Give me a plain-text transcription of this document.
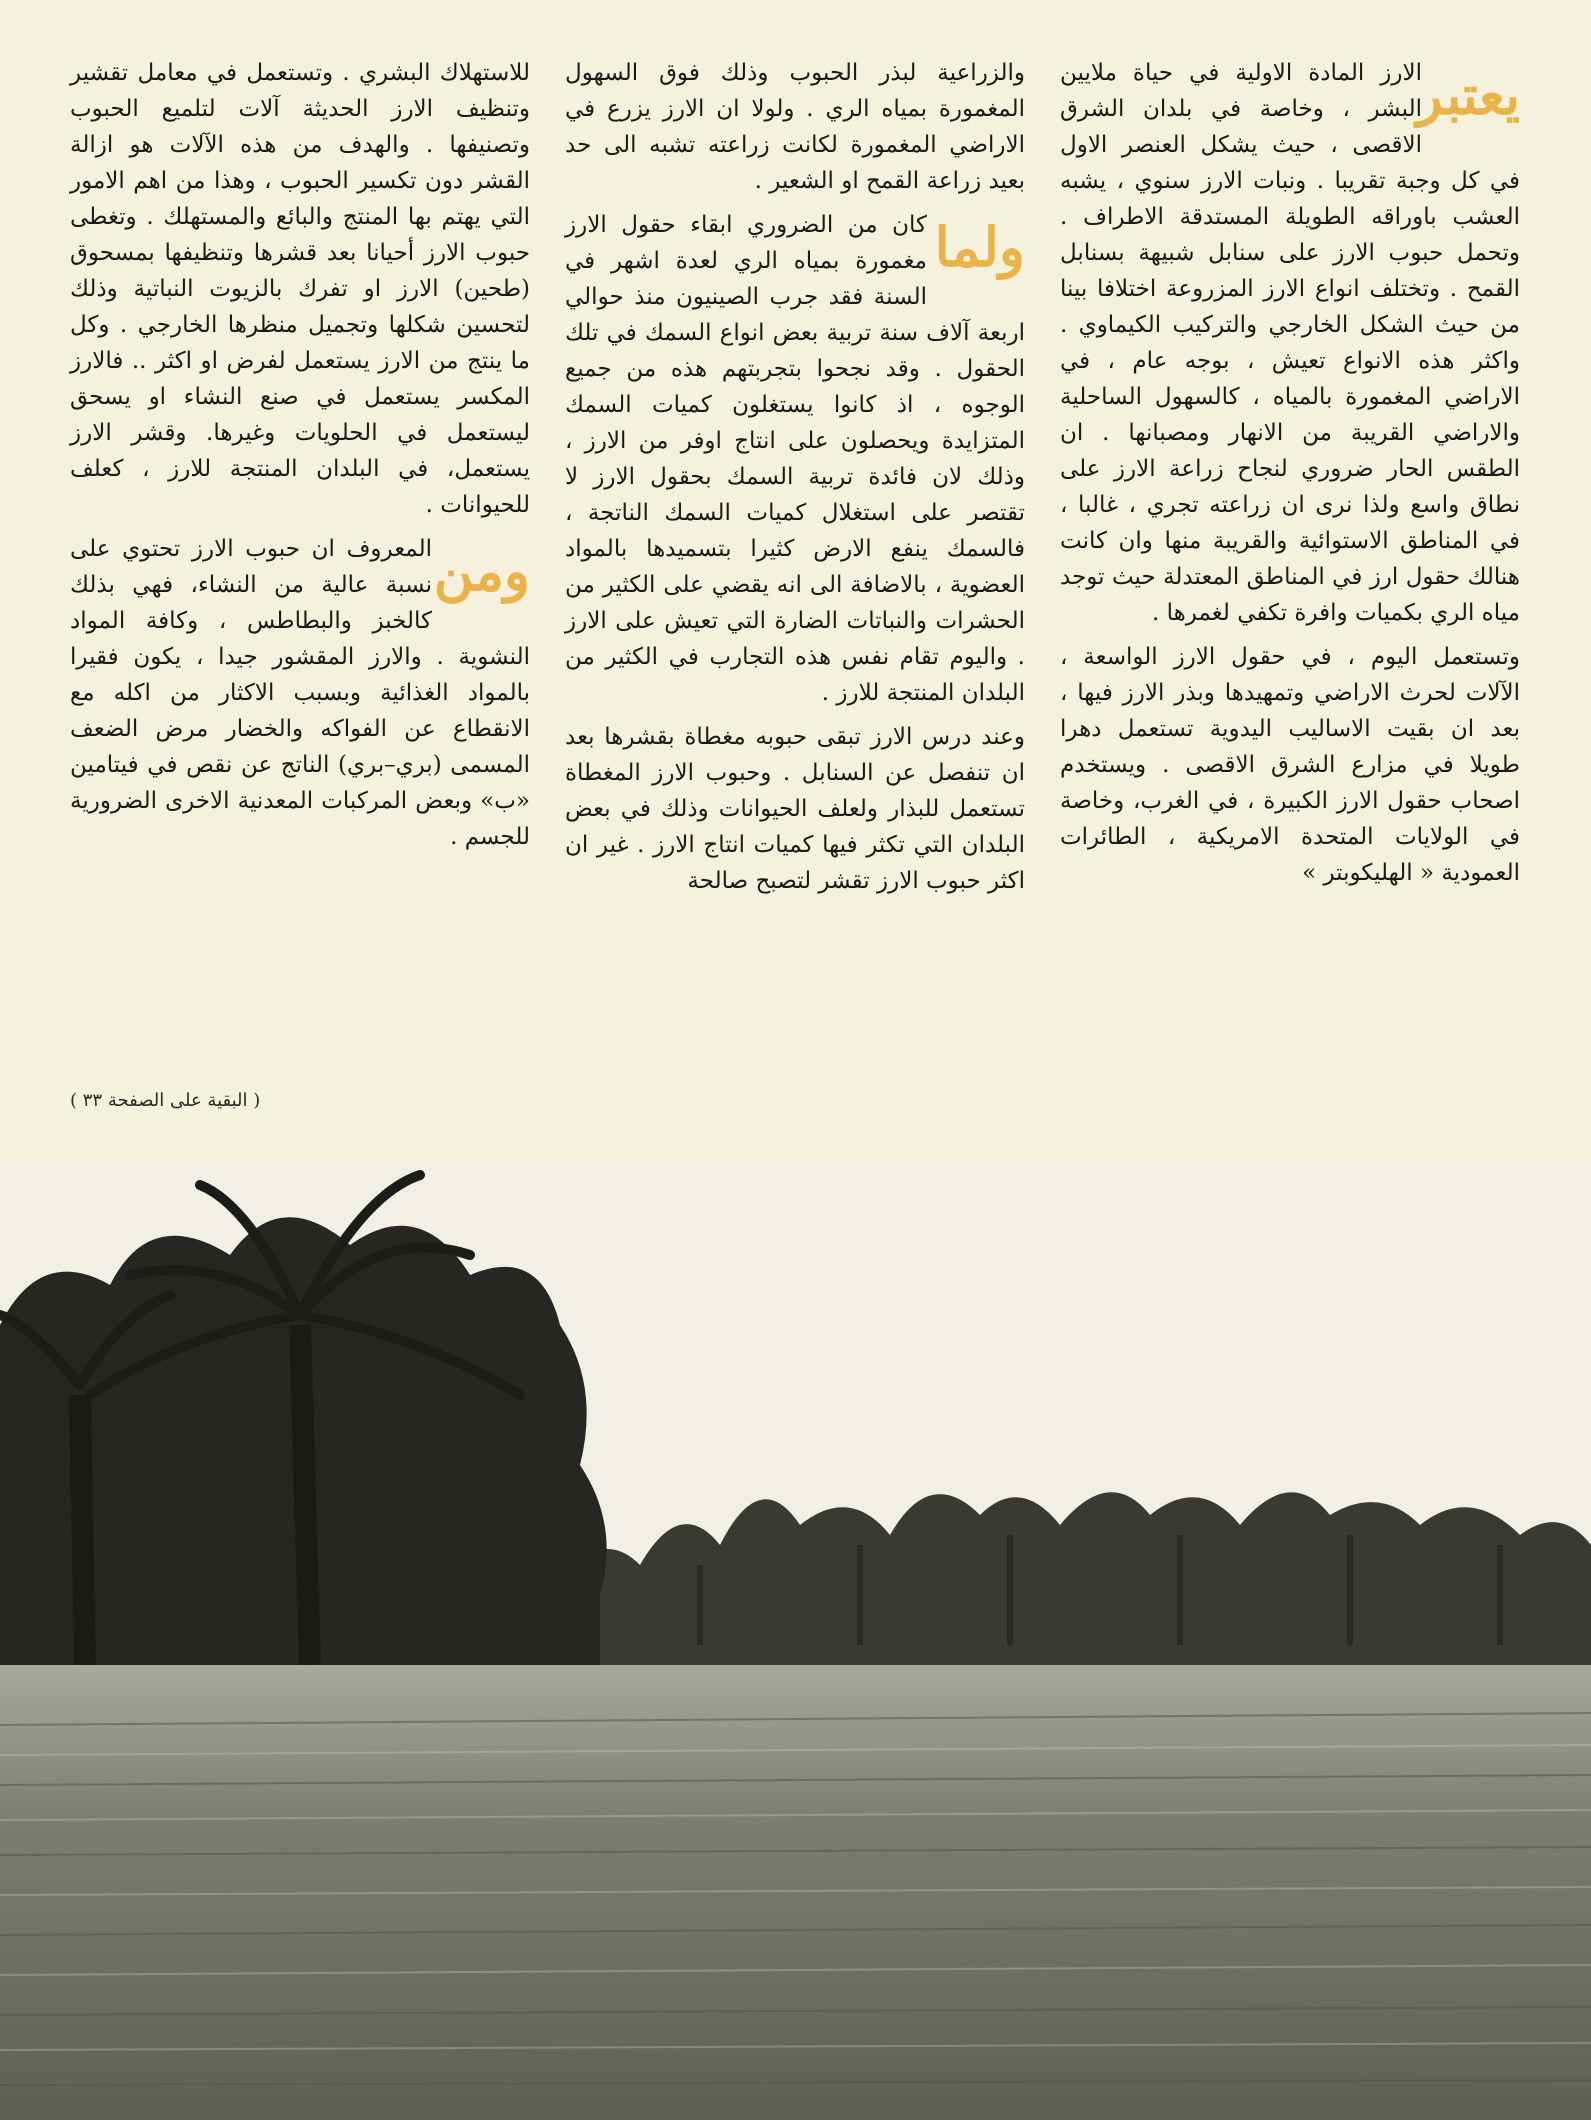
يعتبر

الارز المادة الاولية في حياة ملايين البشر ، وخاصة في بلدان الشرق الاقصى ، حيث يشكل العنصر الاول في كل وجبة تقريبا . ونبات الارز سنوي ، يشبه العشب باوراقه الطويلة المستدقة الاطراف . وتحمل حبوب الارز على سنابل شبيهة بسنابل القمح . وتختلف انواع الارز المزروعة اختلافا بينا من حيث الشكل الخارجي والتركيب الكيماوي . واكثر هذه الانواع تعيش ، بوجه عام ، في الاراضي المغمورة بالمياه ، كالسهول الساحلية والاراضي القريبة من الانهار ومصبانها . ان الطقس الحار ضروري لنجاح زراعة الارز على نطاق واسع ولذا نرى ان زراعته تجري ، غالبا ، في المناطق الاستوائية والقريبة منها وان كانت هنالك حقول ارز في المناطق المعتدلة حيث توجد مياه الري بكميات وافرة تكفي لغمرها .

وتستعمل اليوم ، في حقول الارز الواسعة ، الآلات لحرث الاراضي وتمهيدها وبذر الارز فيها ، بعد ان بقيت الاساليب اليدوية تستعمل دهرا طويلا في مزارع الشرق الاقصى . ويستخدم اصحاب حقول الارز الكبيرة ، في الغرب، وخاصة في الولايات المتحدة الامريكية ، الطائرات العمودية « الهليكوبتر »

والزراعية لبذر الحبوب وذلك فوق السهول المغمورة بمياه الري . ولولا ان الارز يزرع في الاراضي المغمورة لكانت زراعته تشبه الى حد بعيد زراعة القمح او الشعير .

ولما

كان من الضروري ابقاء حقول الارز مغمورة بمياه الري لعدة اشهر في السنة فقد جرب الصينيون منذ حوالي اربعة آلاف سنة تربية بعض انواع السمك في تلك الحقول . وقد نجحوا بتجربتهم هذه من جميع الوجوه ، اذ كانوا يستغلون كميات السمك المتزايدة ويحصلون على انتاج اوفر من الارز ، وذلك لان فائدة تربية السمك بحقول الارز لا تقتصر على استغلال كميات السمك الناتجة ، فالسمك ينفع الارض كثيرا بتسميدها بالمواد العضوية ، بالاضافة الى انه يقضي على الكثير من الحشرات والنباتات الضارة التي تعيش على الارز . واليوم تقام نفس هذه التجارب في الكثير من البلدان المنتجة للارز .

وعند درس الارز تبقى حبوبه مغطاة بقشرها بعد ان تنفصل عن السنابل . وحبوب الارز المغطاة تستعمل للبذار ولعلف الحيوانات وذلك في بعض البلدان التي تكثر فيها كميات انتاج الارز . غير ان اكثر حبوب الارز تقشر لتصبح صالحة

للاستهلاك البشري . وتستعمل في معامل تقشير وتنظيف الارز الحديثة آلات لتلميع الحبوب وتصنيفها . والهدف من هذه الآلات هو ازالة القشر دون تكسير الحبوب ، وهذا من اهم الامور التي يهتم بها المنتج والبائع والمستهلك . وتغطى حبوب الارز أحيانا بعد قشرها وتنظيفها بمسحوق (طحين) الارز او تفرك بالزيوت النباتية وذلك لتحسين شكلها وتجميل منظرها الخارجي . وكل ما ينتج من الارز يستعمل لفرض او اكثر .. فالارز المكسر يستعمل في صنع النشاء او يسحق ليستعمل في الحلويات وغيرها. وقشر الارز يستعمل، في البلدان المنتجة للارز ، كعلف للحيوانات .

ومن

المعروف ان حبوب الارز تحتوي على نسبة عالية من النشاء، فهي بذلك كالخبز والبطاطس ، وكافة المواد النشوية . والارز المقشور جيدا ، يكون فقيرا بالمواد الغذائية وبسبب الاكثار من اكله مع الانقطاع عن الفواكه والخضار مرض الضعف المسمى (بري–بري) الناتج عن نقص في فيتامين «ب» وبعض المركبات المعدنية الاخرى الضرورية للجسم .

( البقية على الصفحة ٣٣ )
